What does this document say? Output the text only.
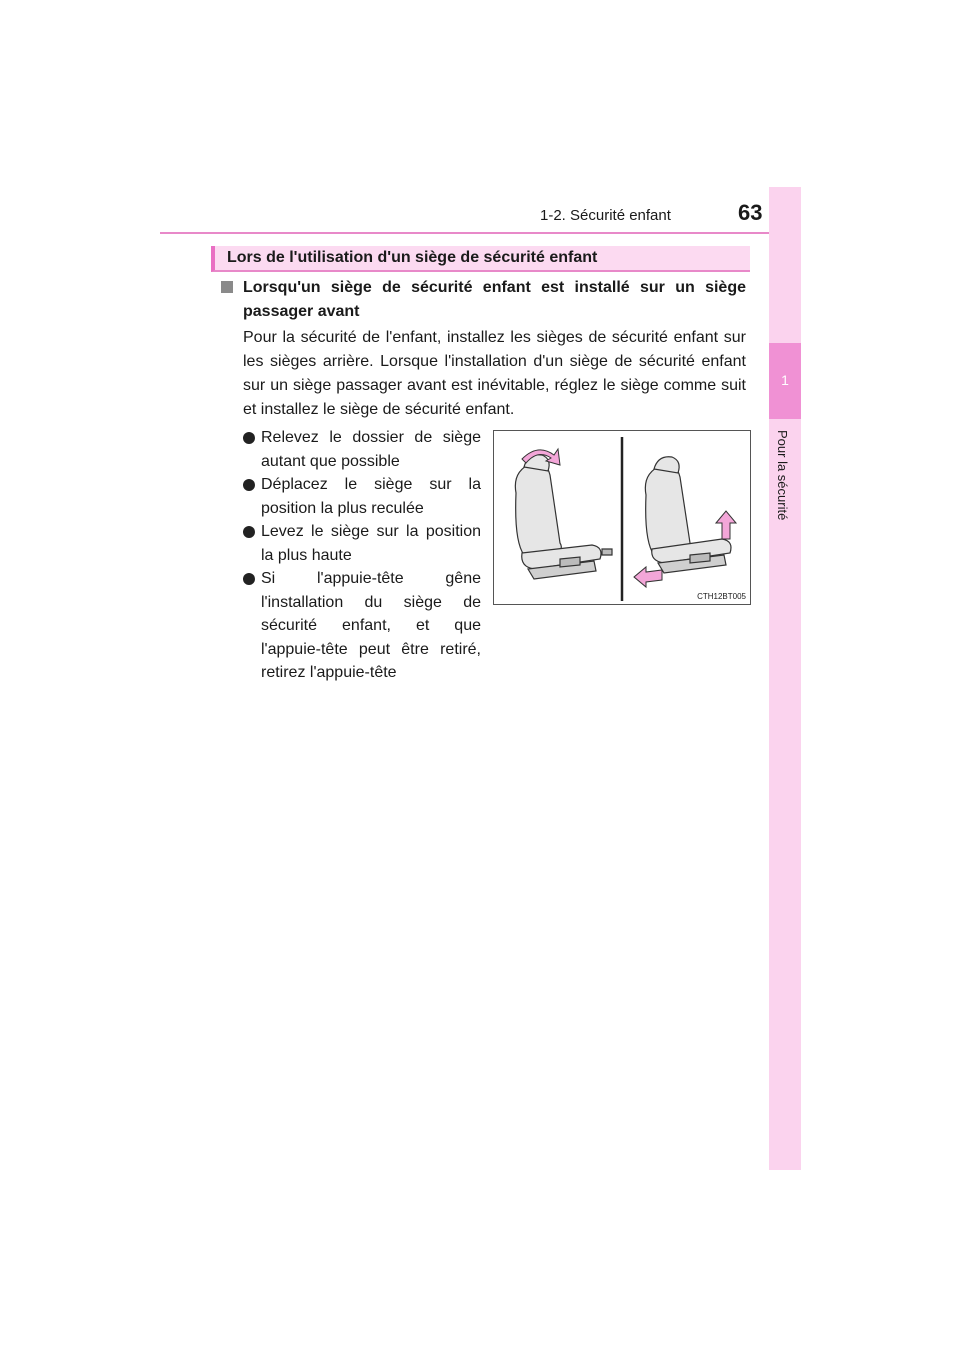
1-2. Sécurité enfant	63
1
Pour la sécurité
Lors de l'utilisation d'un siège de sécurité enfant
Lorsqu'un siège de sécurité enfant est installé sur un siège passager avant
Pour la sécurité de l'enfant, installez les sièges de sécurité enfant sur les sièges arrière. Lorsque l'installation d'un siège de sécurité enfant sur un siège passager avant est inévitable, réglez le siège comme suit et installez le siège de sécurité enfant.
Relevez le dossier de siège autant que possible
Déplacez le siège sur la position la plus reculée
Levez le siège sur la position la plus haute
Si l'appuie-tête gêne l'installation du siège de sécurité enfant, et que l'appuie-tête peut être retiré, retirez l'appuie-tête
CTH12BT005
